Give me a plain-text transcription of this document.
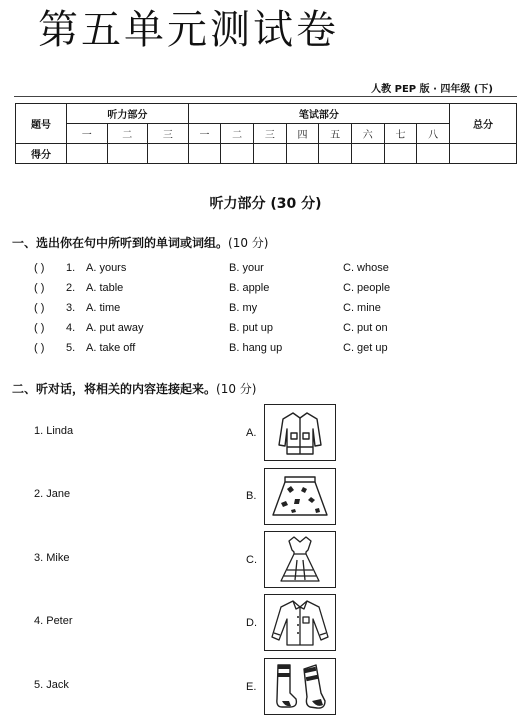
第五单元测试卷
人教 PEP 版 · 四年级 (下)
题号	听力部分			笔试部分								总分
	一	二	三	一	二	三	四	五	六	七	八	
得分												
听力部分 (30 分)
一、选出你在句中所听到的单词或词组。(10 分)
( ) 1. A. yours	B. your	C. whose
( ) 2. A. table	B. apple	C. people
( ) 3. A. time	B. my	C. mine
( ) 4. A. put away	B. put up	C. put on
( ) 5. A. take off	B. hang up	C. get up
二、听对话，将相关的内容连接起来。(10 分)
1. Linda
2. Jane
3. Mike
4. Peter
5. Jack
A.
B.
C.
D.
E.
